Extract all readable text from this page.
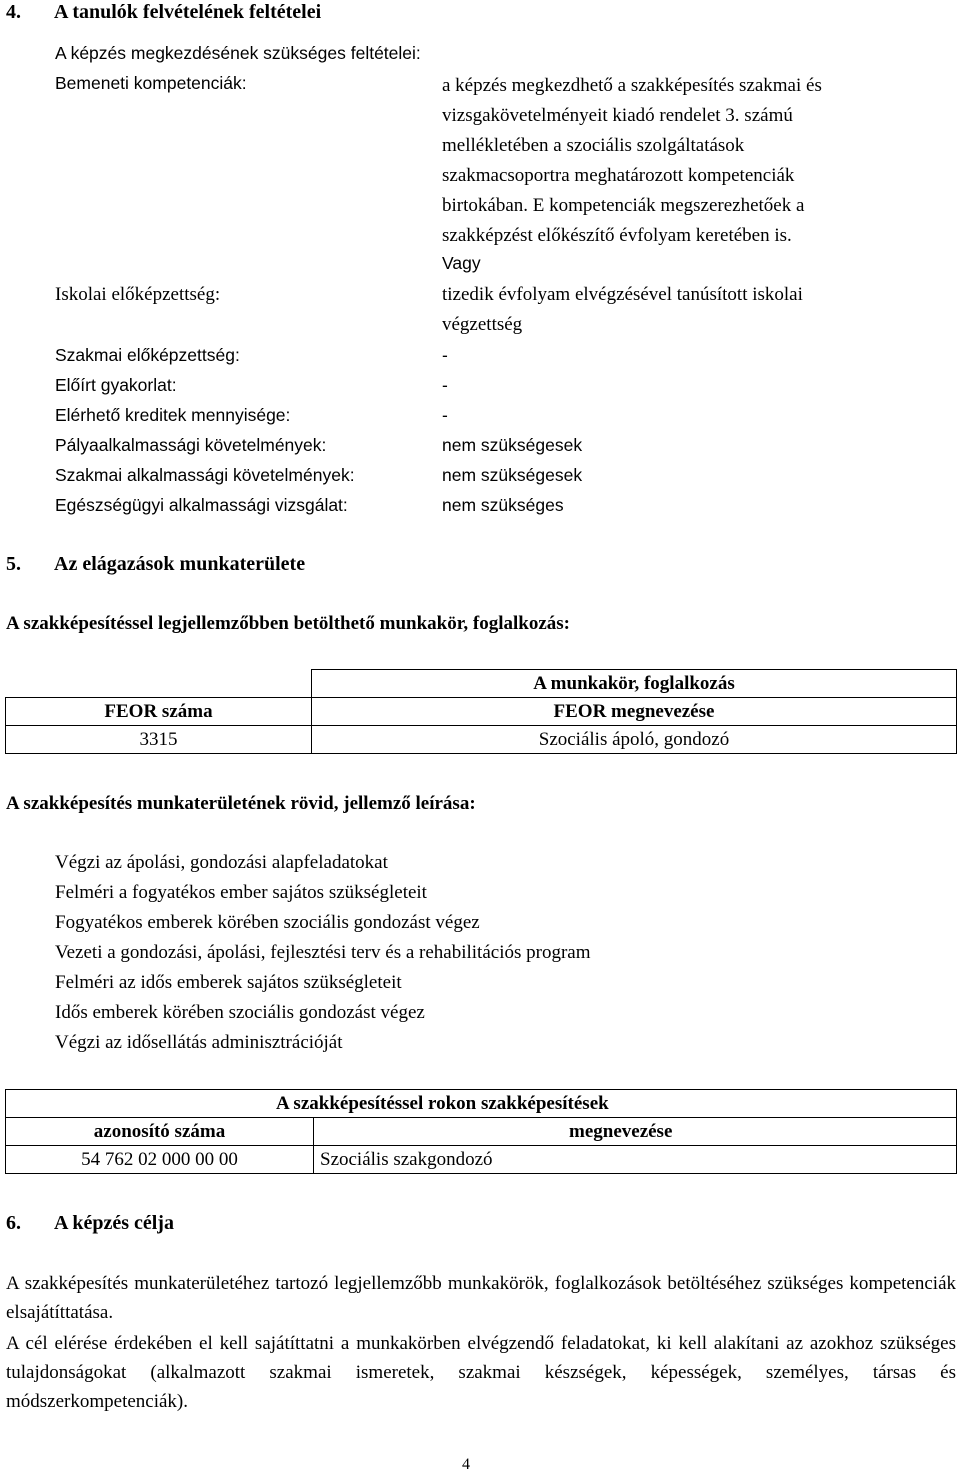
4. A tanulók felvételének feltételei
A képzés megkezdésének szükséges feltételei:
Bemeneti kompetenciák:	a képzés megkezdhető a szakképesítés szakmai és
vizsgakövetelményeit kiadó rendelet 3. számú
mellékletében a szociális szolgáltatások
szakmacsoportra meghatározott kompetenciák
birtokában. E kompetenciák megszerezhetőek a
szakképzést előkészítő évfolyam keretében is.
Vagy
Iskolai előképzettség:	tizedik évfolyam elvégzésével tanúsított iskolai
végzettség
Szakmai előképzettség:	-
Előírt gyakorlat:	-
Elérhető kreditek mennyisége:	-
Pályaalkalmassági követelmények:	nem szükségesek
Szakmai alkalmassági követelmények:	nem szükségesek
Egészségügyi alkalmassági vizsgálat:	nem szükséges
5. Az elágazások munkaterülete
A szakképesítéssel legjellemzőbben betölthető munkakör, foglalkozás:
	A munkakör, foglalkozás
FEOR száma	FEOR megnevezése
3315	Szociális ápoló, gondozó
A szakképesítés munkaterületének rövid, jellemző leírása:
Végzi az ápolási, gondozási alapfeladatokat
Felméri a fogyatékos ember sajátos szükségleteit
Fogyatékos emberek körében szociális gondozást végez
Vezeti a gondozási, ápolási, fejlesztési terv és a rehabilitációs program
Felméri az idős emberek sajátos szükségleteit
Idős emberek körében szociális gondozást végez
Végzi az idősellátás adminisztrációját
A szakképesítéssel rokon szakképesítések	
azonosító száma	megnevezése
54 762 02 000 00 00	Szociális szakgondozó
6. A képzés célja
A szakképesítés munkaterületéhez tartozó legjellemzőbb munkakörök, foglalkozások betöltéséhez szükséges kompetenciák elsajátíttatása.
A cél elérése érdekében el kell sajátíttatni a munkakörben elvégzendő feladatokat, ki kell alakítani az azokhoz szükséges tulajdonságokat (alkalmazott szakmai ismeretek, szakmai készségek, képességek, személyes, társas és módszerkompetenciák).
4
